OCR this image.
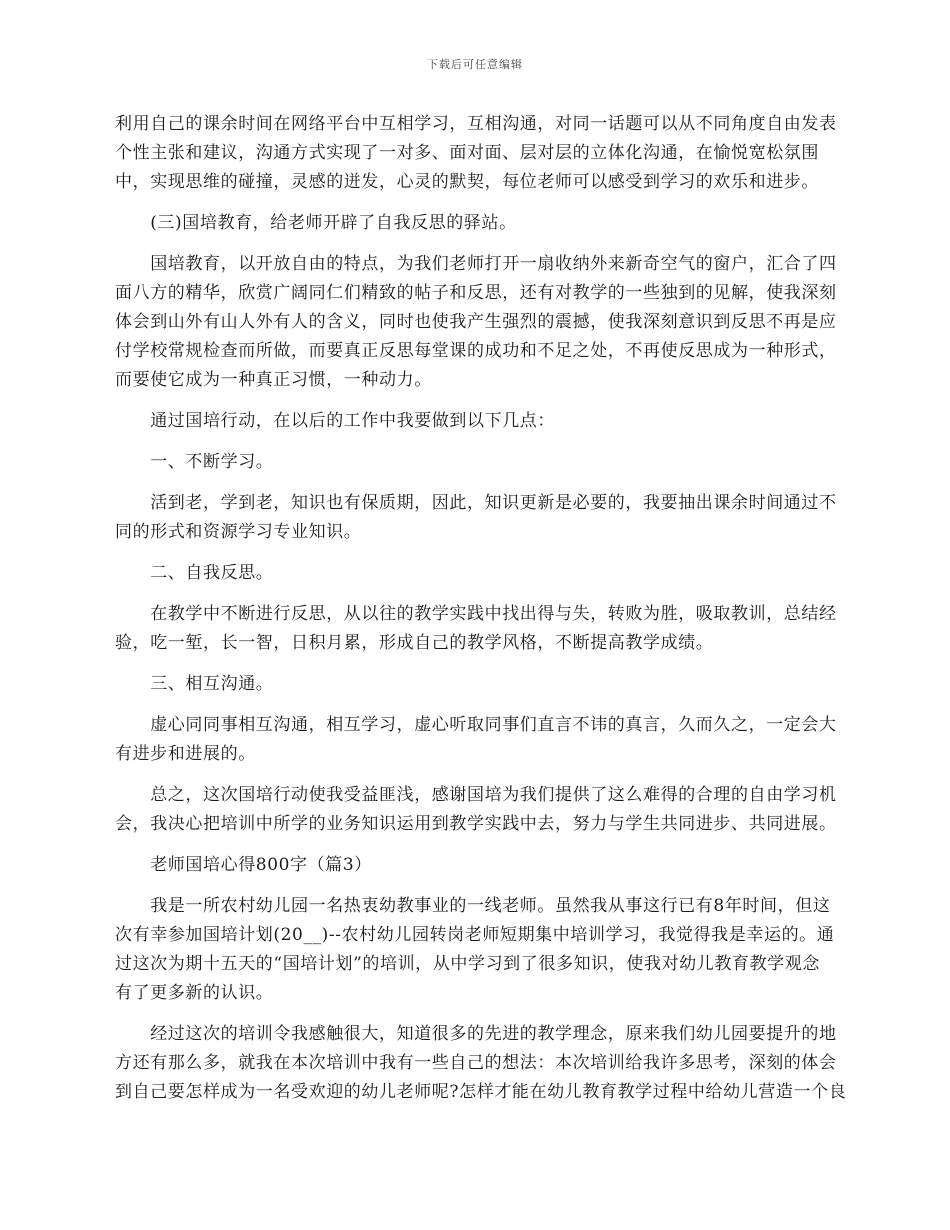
下载后可任意编辑
利用自己的课余时间在网络平台中互相学习，互相沟通，对同一话题可以从不同角度自由发表
个性主张和建议，沟通方式实现了一对多、面对面、层对层的立体化沟通，在愉悦宽松氛围
中，实现思维的碰撞，灵感的迸发，心灵的默契，每位老师可以感受到学习的欢乐和进步。
　　(三)国培教育，给老师开辟了自我反思的驿站。
　　国培教育，以开放自由的特点，为我们老师打开一扇收纳外来新奇空气的窗户，汇合了四
面八方的精华，欣赏广阔同仁们精致的帖子和反思，还有对教学的一些独到的见解，使我深刻
体会到山外有山人外有人的含义，同时也使我产生强烈的震撼，使我深刻意识到反思不再是应
付学校常规检查而所做，而要真正反思每堂课的成功和不足之处，不再使反思成为一种形式，
而要使它成为一种真正习惯，一种动力。
　　通过国培行动，在以后的工作中我要做到以下几点：
　　一、不断学习。
　　活到老，学到老，知识也有保质期，因此，知识更新是必要的，我要抽出课余时间通过不
同的形式和资源学习专业知识。
　　二、自我反思。
　　在教学中不断进行反思，从以往的教学实践中找出得与失，转败为胜，吸取教训，总结经
验，吃一堑，长一智，日积月累，形成自己的教学风格，不断提高教学成绩。
　　三、相互沟通。
　　虚心同同事相互沟通，相互学习，虚心听取同事们直言不讳的真言，久而久之，一定会大
有进步和进展的。
　　总之，这次国培行动使我受益匪浅，感谢国培为我们提供了这么难得的合理的自由学习机
会，我决心把培训中所学的业务知识运用到教学实践中去，努力与学生共同进步、共同进展。
　　老师国培心得800字（篇3）
　　我是一所农村幼儿园一名热衷幼教事业的一线老师。虽然我从事这行已有8年时间，但这
次有幸参加国培计划(20__)--农村幼儿园转岗老师短期集中培训学习，我觉得我是幸运的。通
过这次为期十五天的“国培计划”的培训，从中学习到了很多知识，使我对幼儿教育教学观念
有了更多新的认识。
　　经过这次的培训令我感触很大，知道很多的先进的教学理念，原来我们幼儿园要提升的地
方还有那么多，就我在本次培训中我有一些自己的想法：本次培训给我许多思考，深刻的体会
到自己要怎样成为一名受欢迎的幼儿老师呢?怎样才能在幼儿教育教学过程中给幼儿营造一个良
